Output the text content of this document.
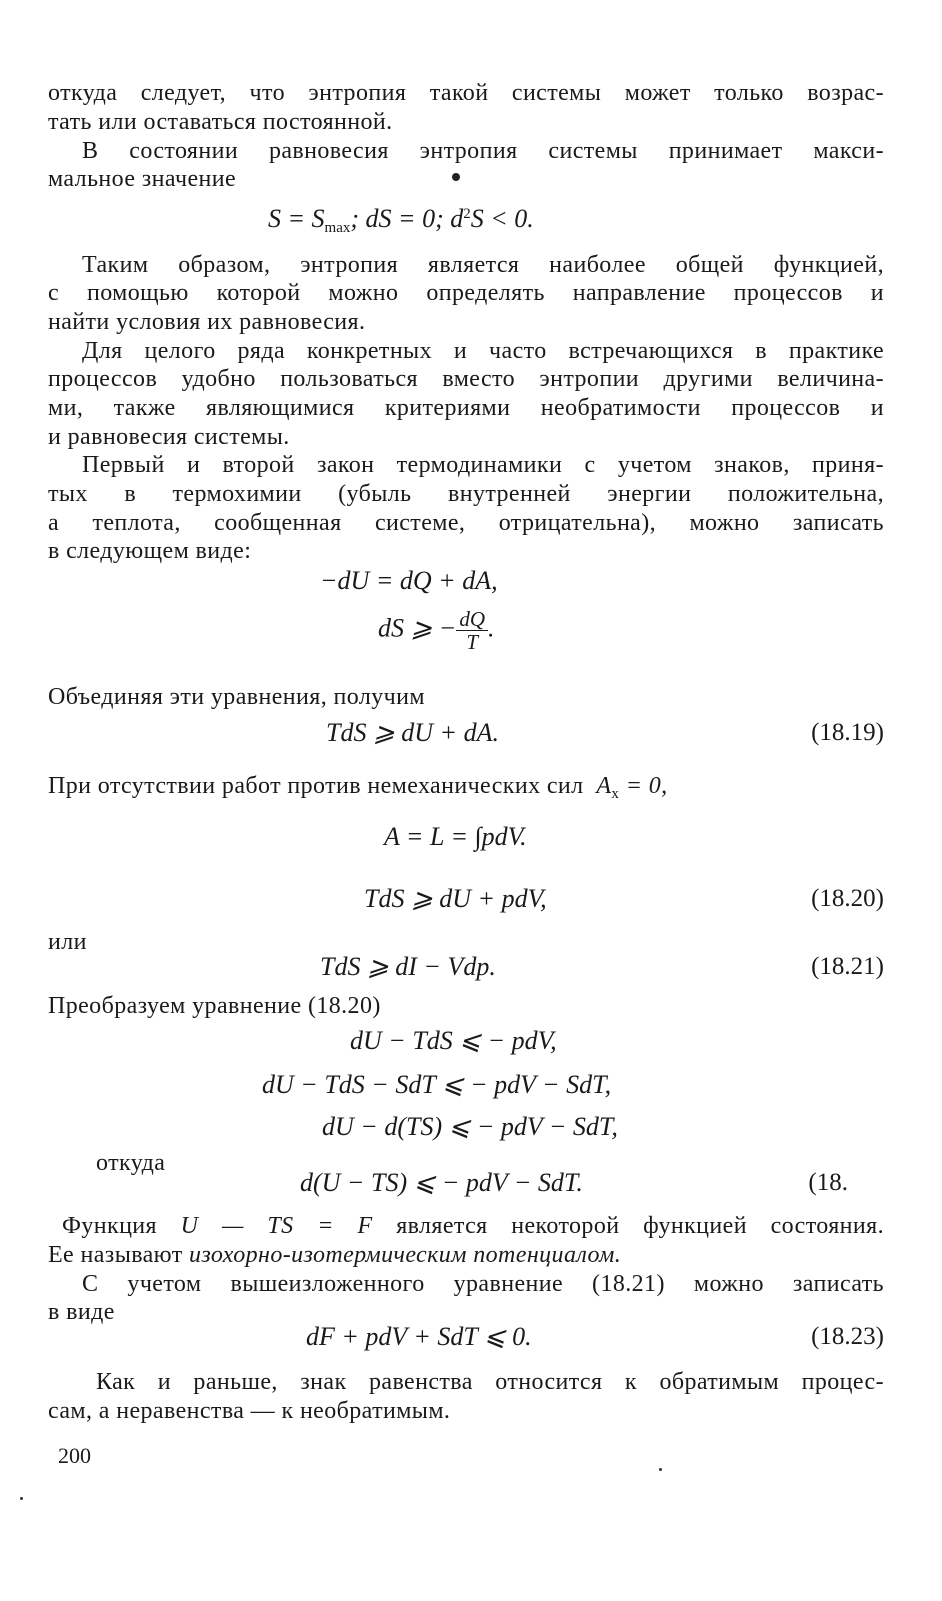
откуда следует, что энтропия такой системы может только возрас-
тать или оставаться постоянной.
В состоянии равновесия энтропия системы принимает макси-
мальное значение
$S = S_{max}$; dS = 0; $d^2S < 0$.
Таким образом, энтропия является наиболее общей функцией,
с помощью которой можно определять направление процессов и
найти условия их равновесия.
Для целого ряда конкретных и часто встречающихся в практике
процессов удобно пользоваться вместо энтропии другими величина-
ми, также являющимися критериями необратимости процессов и
и равновесия системы.
Первый и второй закон термодинамики с учетом знаков, приня-
тых в термохимии (убыль внутренней энергии положительна,
а теплота, сообщенная системе, отрицательна), можно записать
в следующем виде:
−dU = dQ + dA,
dS ⩾ − $\frac{dQ}{T}$ .
Объединяя эти уравнения, получим
TdS ⩾ dU + dA.	(18.19)
При отсутствии работ против немеханических сил $A_x = 0$,
A = L = ∫pdV.
TdS ⩾ dU + pdV,	(18.20)
или
TdS ⩾ dI − Vdp.	(18.21)
Преобразуем уравнение (18.20)
dU − TdS ⩽ − pdV,
dU − TdS − SdT ⩽ − pdV − SdT,
dU − d(TS) ⩽ − pdV − SdT,
откуда
d(U − TS) ⩽ − pdV − SdT.	(18.
Функция U — TS = F является некоторой функцией состояния.
Ее называют изохорно-изотермическим потенциалом.
С учетом вышеизложенного уравнение (18.21) можно записать
в виде
dF + pdV + SdT ⩽ 0.	(18.23)
Как и раньше, знак равенства относится к обратимым процес-
сам, а неравенства — к необратимым.
200
